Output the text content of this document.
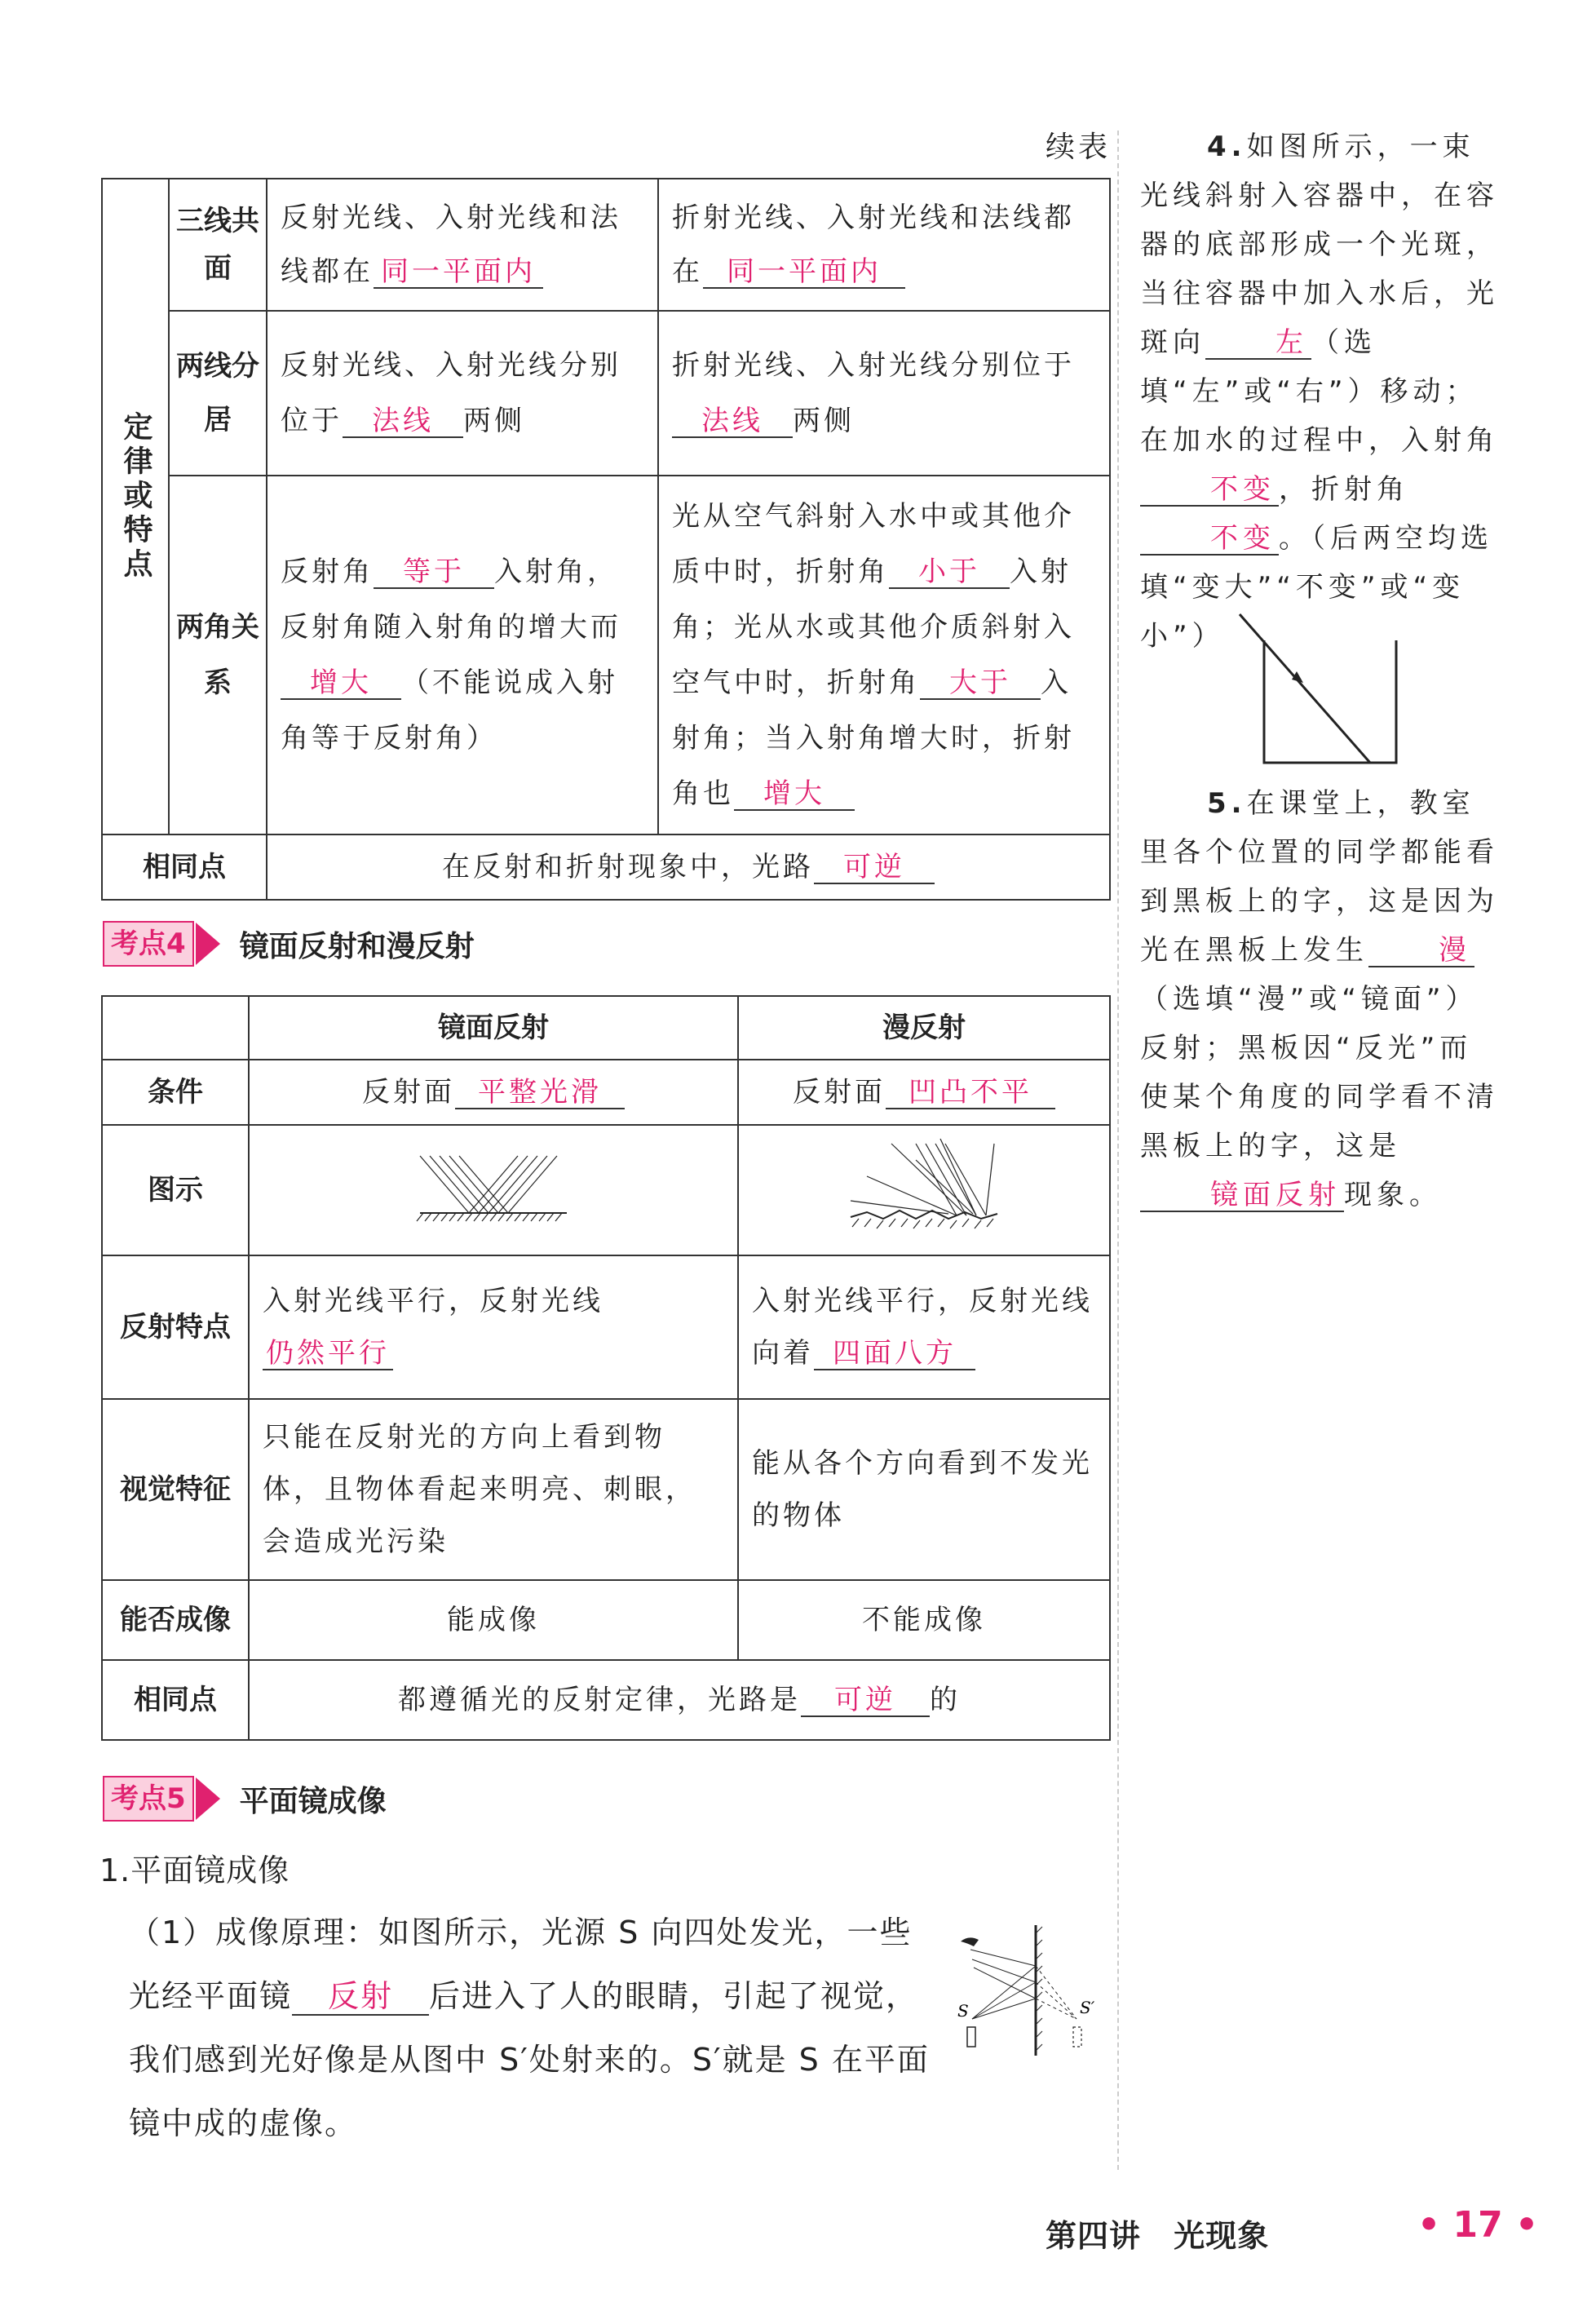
续表
定律或特点	三线共面	反射光线、入射光线和法线都在 同一平面内	折射光线、入射光线和法线都在 同一平面内
	两线分居	反射光线、入射光线分别位于 法线 两侧	折射光线、入射光线分别位于法线 两侧
	两角关系	反射角 等于 入射角，反射角随入射角的增大而增大 （不能说成入射角等于反射角）	光从空气斜射入水中或其他介质中时，折射角 小于 入射角；光从水或其他介质斜射入空气中时，折射角 大于 入射角；当入射角增大时，折射角也 增大
相同点		在反射和折射现象中，光路 可逆	
考点4 镜面反射和漫反射
	镜面反射	漫反射
条件	反射面 平整光滑	反射面 凹凸不平
图示		
反射特点	入射光线平行，反射光线仍然平行	入射光线平行，反射光线向着 四面八方
视觉特征	只能在反射光的方向上看到物体，且物体看起来明亮、刺眼，会造成光污染	能从各个方向看到不发光的物体
能否成像	能成像	不能成像
相同点	都遵循光的反射定律，光路是 可逆 的	
考点5 平面镜成像
1.平面镜成像
（1）成像原理：如图所示，光源 S 向四处发光，一些光经平面镜 反射 后进入了人的眼睛，引起了视觉，我们感到光好像是从图中 S′处射来的。S′就是 S 在平面镜中成的虚像。
S	S′

4.如图所示，一束光线斜射入容器中，在容器的底部形成一个光斑，当往容器中加入水后，光斑向	左 （选填“左”或“右”）移动；在加水的过程中，入射角不变 ，折射角不变 。（后两空均选填“变大”“不变”或“变小”）

5.在课堂上，教室里各个位置的同学都能看到黑板上的字，这是因为光在黑板上发生	漫（选填“漫”或“镜面”）反射；黑板因“反光”而使某个角度的同学看不清黑板上的字，这是镜面反射 现象。

第四讲 光现象	• 17 •
